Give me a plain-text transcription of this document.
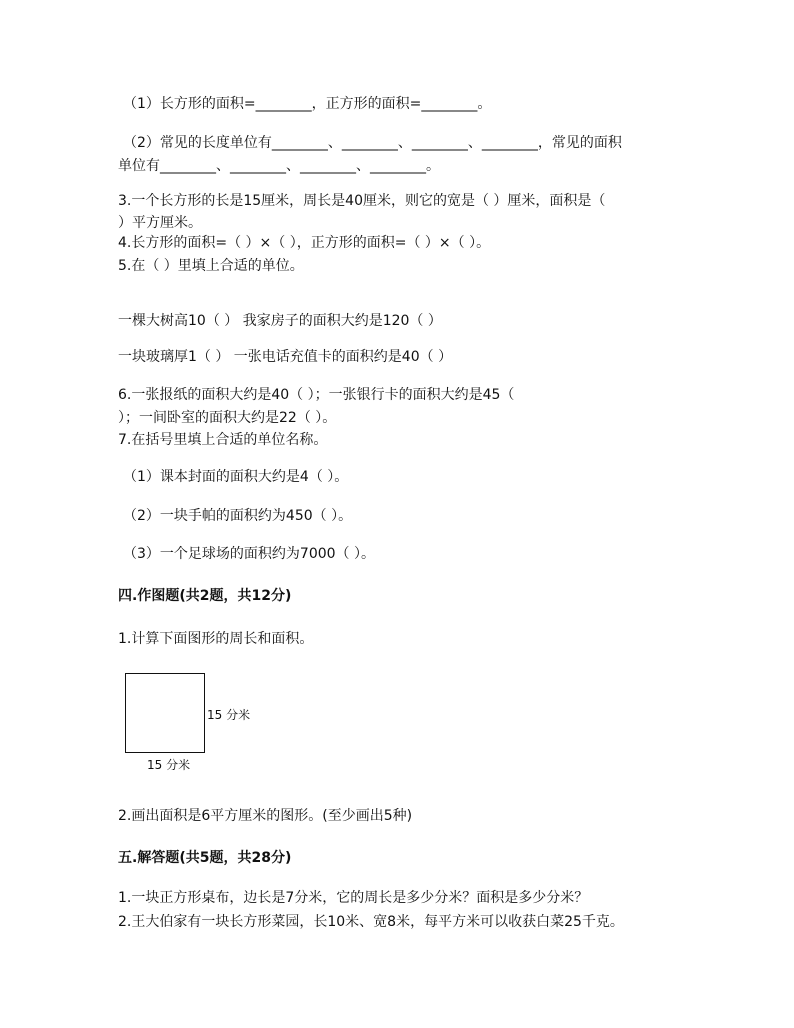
（1）长方形的面积=________，正方形的面积=________。
（2）常见的长度单位有________、________、________、________，常见的面积
单位有________、________、________、________。
3.一个长方形的长是15厘米，周长是40厘米，则它的宽是（ ）厘米，面积是（
）平方厘米。
4.长方形的面积=（ ）×（ ），正方形的面积=（ ）×（ ）。
5.在（ ）里填上合适的单位。
一棵大树高10（ ） 我家房子的面积大约是120（ ）
一块玻璃厚1（ ） 一张电话充值卡的面积约是40（ ）
6.一张报纸的面积大约是40（ ）；一张银行卡的面积大约是45（
）；一间卧室的面积大约是22（ ）。
7.在括号里填上合适的单位名称。
（1）课本封面的面积大约是4（ ）。
（2）一块手帕的面积约为450（ ）。
（3）一个足球场的面积约为7000（ ）。
四.作图题(共2题，共12分)
1.计算下面图形的周长和面积。
15 分米
15 分米
2.画出面积是6平方厘米的图形。(至少画出5种)
五.解答题(共5题，共28分)
1.一块正方形桌布，边长是7分米，它的周长是多少分米？面积是多少分米？
2.王大伯家有一块长方形菜园，长10米、宽8米，每平方米可以收获白菜25千克。
